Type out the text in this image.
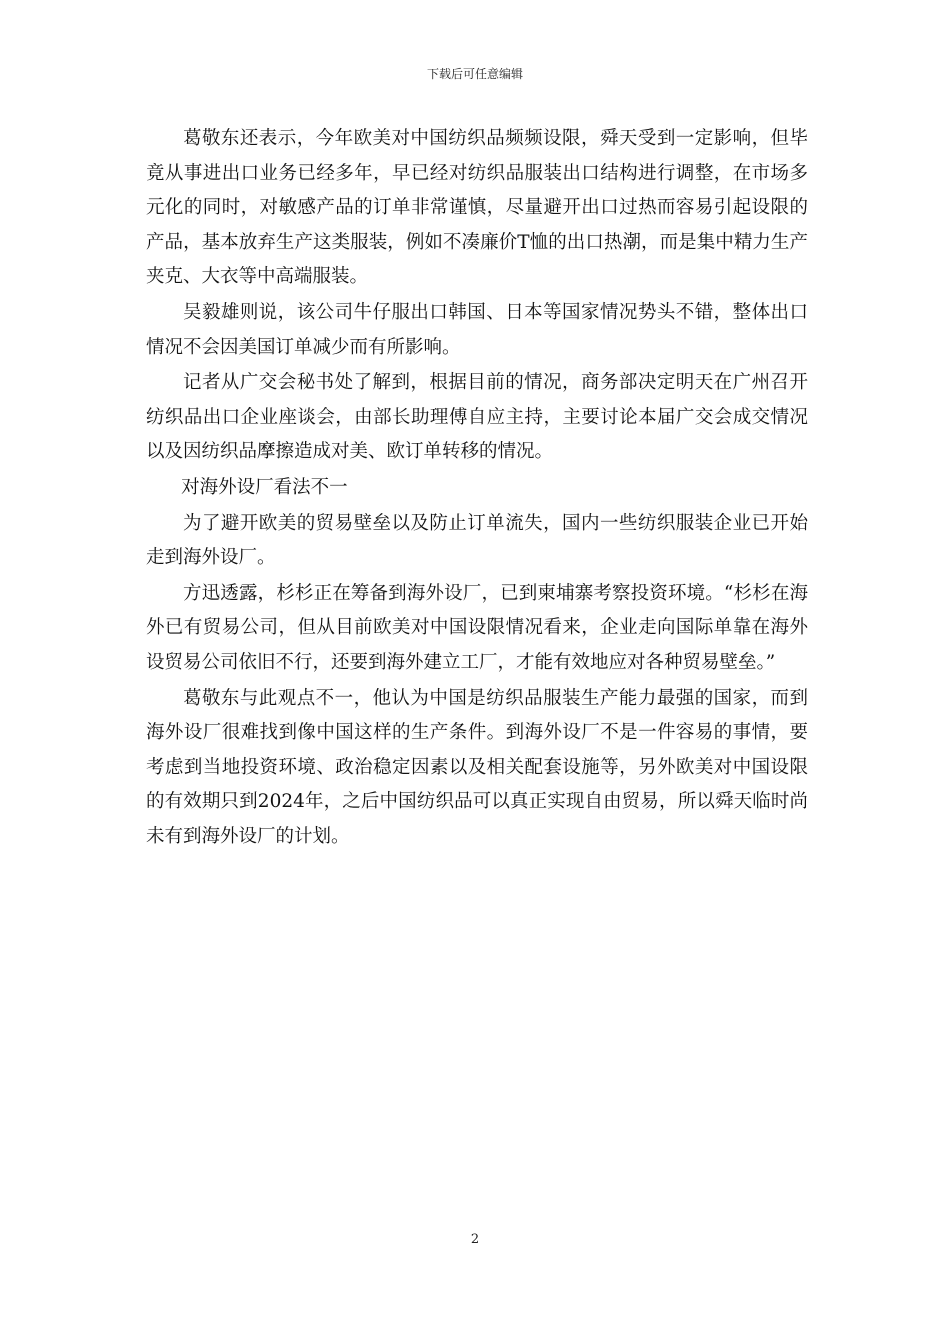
下载后可任意编辑

葛敬东还表示，今年欧美对中国纺织品频频设限，舜天受到一定影响，但毕竟从事进出口业务已经多年，早已经对纺织品服装出口结构进行调整，在市场多元化的同时，对敏感产品的订单非常谨慎，尽量避开出口过热而容易引起设限的产品，基本放弃生产这类服装，例如不凑廉价T恤的出口热潮，而是集中精力生产夹克、大衣等中高端服装。

吴毅雄则说，该公司牛仔服出口韩国、日本等国家情况势头不错，整体出口情况不会因美国订单减少而有所影响。

记者从广交会秘书处了解到，根据目前的情况，商务部决定明天在广州召开纺织品出口企业座谈会，由部长助理傅自应主持，主要讨论本届广交会成交情况以及因纺织品摩擦造成对美、欧订单转移的情况。

对海外设厂看法不一

为了避开欧美的贸易壁垒以及防止订单流失，国内一些纺织服装企业已开始走到海外设厂。

方迅透露，杉杉正在筹备到海外设厂，已到柬埔寨考察投资环境。“杉杉在海外已有贸易公司，但从目前欧美对中国设限情况看来，企业走向国际单靠在海外设贸易公司依旧不行，还要到海外建立工厂，才能有效地应对各种贸易壁垒。”

葛敬东与此观点不一，他认为中国是纺织品服装生产能力最强的国家，而到海外设厂很难找到像中国这样的生产条件。到海外设厂不是一件容易的事情，要考虑到当地投资环境、政治稳定因素以及相关配套设施等，另外欧美对中国设限的有效期只到2024年，之后中国纺织品可以真正实现自由贸易，所以舜天临时尚未有到海外设厂的计划。

2
